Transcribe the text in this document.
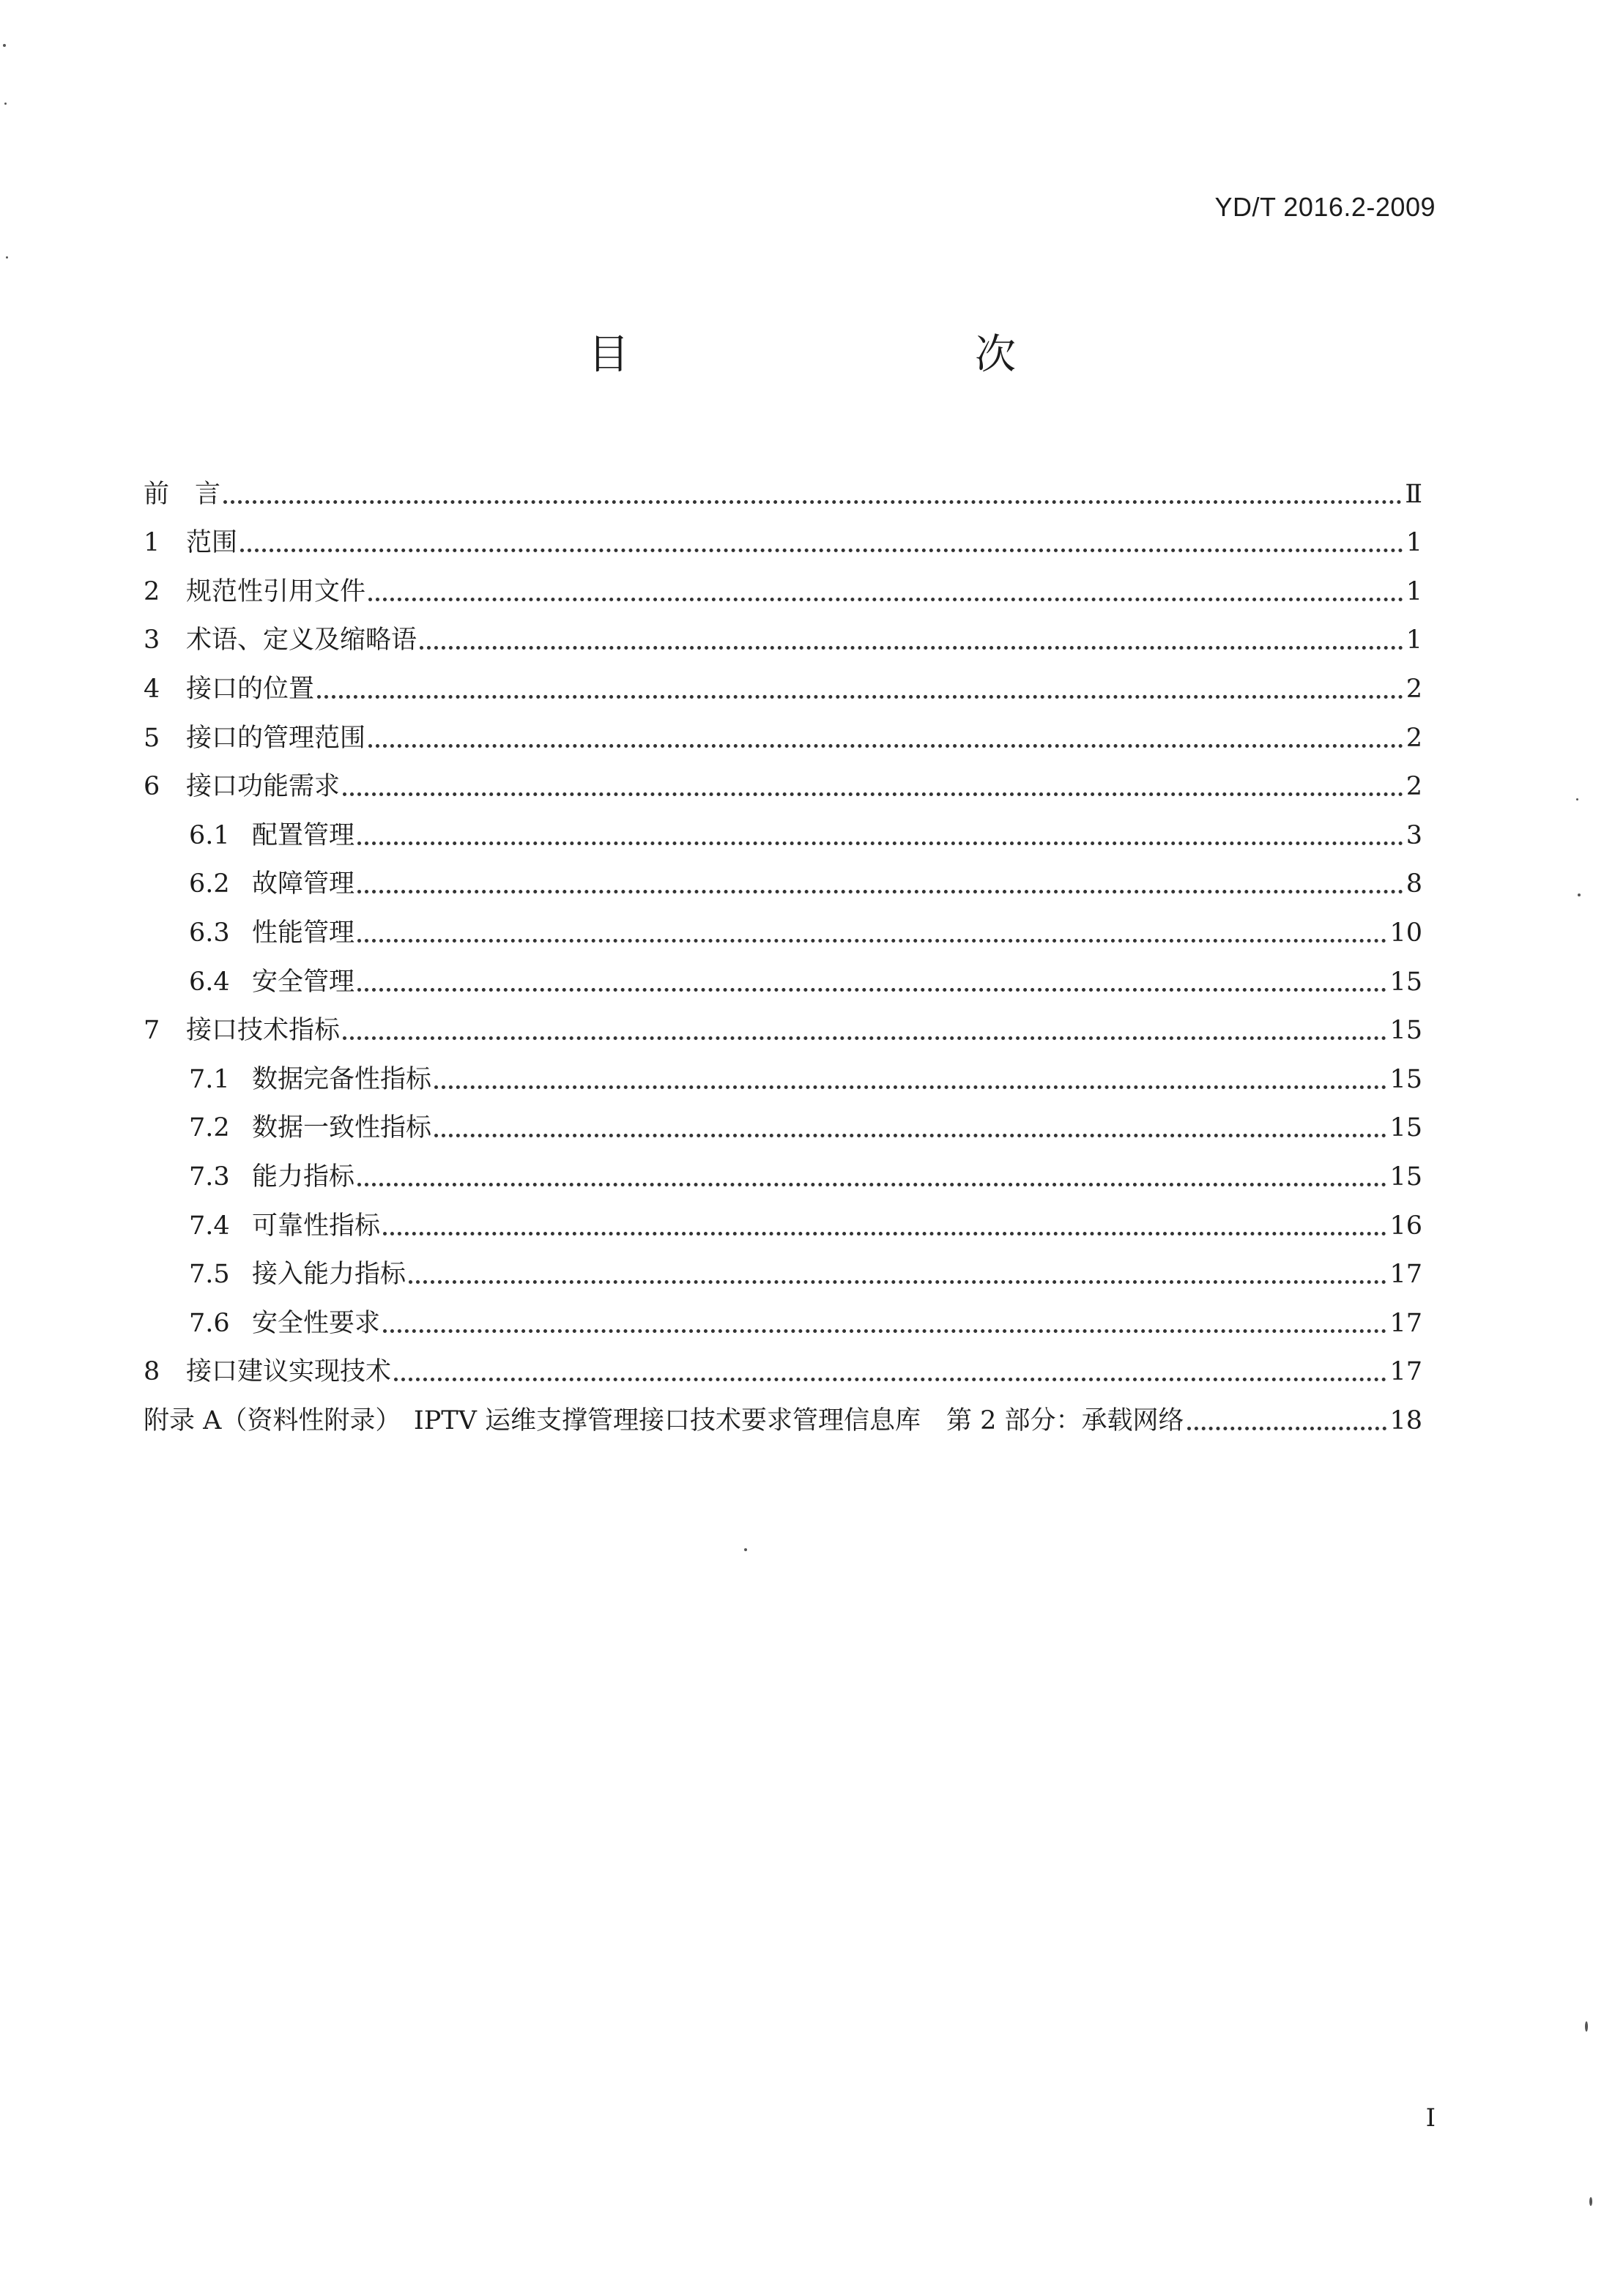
YD/T 2016.2-2009
目　　次
前　言	Ⅱ
1	范围	1
2	规范性引用文件	1
3	术语、定义及缩略语	1
4	接口的位置	2
5	接口的管理范围	2
6	接口功能需求	2
6.1 配置管理	3
6.2 故障管理	8
6.3 性能管理	10
6.4 安全管理	15
7	接口技术指标	15
7.1 数据完备性指标	15
7.2 数据一致性指标	15
7.3 能力指标	15
7.4 可靠性指标	16
7.5 接入能力指标	17
7.6 安全性要求	17
8	接口建议实现技术	17
附录 A（资料性附录）　IPTV 运维支撑管理接口技术要求管理信息库　第 2 部分：承载网络	18
I
